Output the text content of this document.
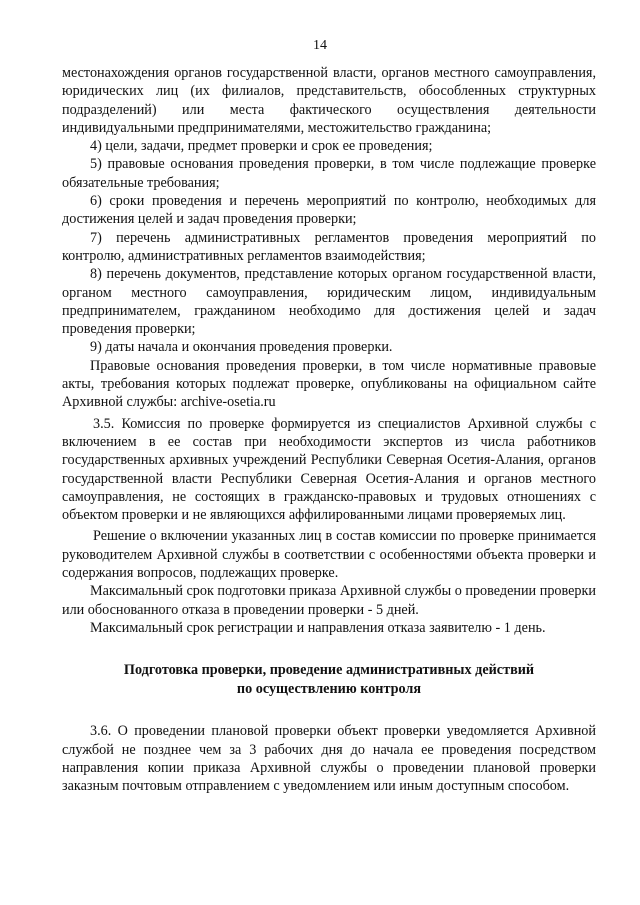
14

местонахождения органов государственной власти, органов местного самоуправления, юридических лиц (их филиалов, представительств, обособленных структурных подразделений) или места фактического осуществления деятельности индивидуальными предпринимателями, местожительство гражданина;

4) цели, задачи, предмет проверки и срок ее проведения;

5) правовые основания проведения проверки, в том числе подлежащие проверке обязательные требования;

6) сроки проведения и перечень мероприятий по контролю, необходимых для достижения целей и задач проведения проверки;

7) перечень административных регламентов проведения мероприятий по контролю, административных регламентов взаимодействия;

8) перечень документов, представление которых органом государственной власти, органом местного самоуправления, юридическим лицом, индивидуальным предпринимателем, гражданином необходимо для достижения целей и задач проведения проверки;

9) даты начала и окончания проведения проверки.

Правовые основания проведения проверки, в том числе нормативные правовые акты, требования которых подлежат проверке, опубликованы на официальном сайте Архивной службы: archive-osetia.ru

3.5. Комиссия по проверке формируется из специалистов Архивной службы с включением в ее состав при необходимости экспертов из числа работников государственных архивных учреждений Республики Северная Осетия-Алания, органов государственной власти Республики Северная Осетия-Алания и органов местного самоуправления, не состоящих в гражданско-правовых и трудовых отношениях с объектом проверки и не являющихся аффилированными лицами проверяемых лиц.

Решение о включении указанных лиц в состав комиссии по проверке принимается руководителем Архивной службы в соответствии с особенностями объекта проверки и содержания вопросов, подлежащих проверке.

Максимальный срок подготовки приказа Архивной службы о проведении проверки или обоснованного отказа в проведении проверки - 5 дней.

Максимальный срок регистрации и направления отказа заявителю - 1 день.

Подготовка проверки, проведение административных действий
по осуществлению контроля

3.6. О проведении плановой проверки объект проверки уведомляется Архивной службой не позднее чем за 3 рабочих дня до начала ее проведения посредством направления копии приказа Архивной службы о проведении плановой проверки заказным почтовым отправлением с уведомлением или иным доступным способом.
